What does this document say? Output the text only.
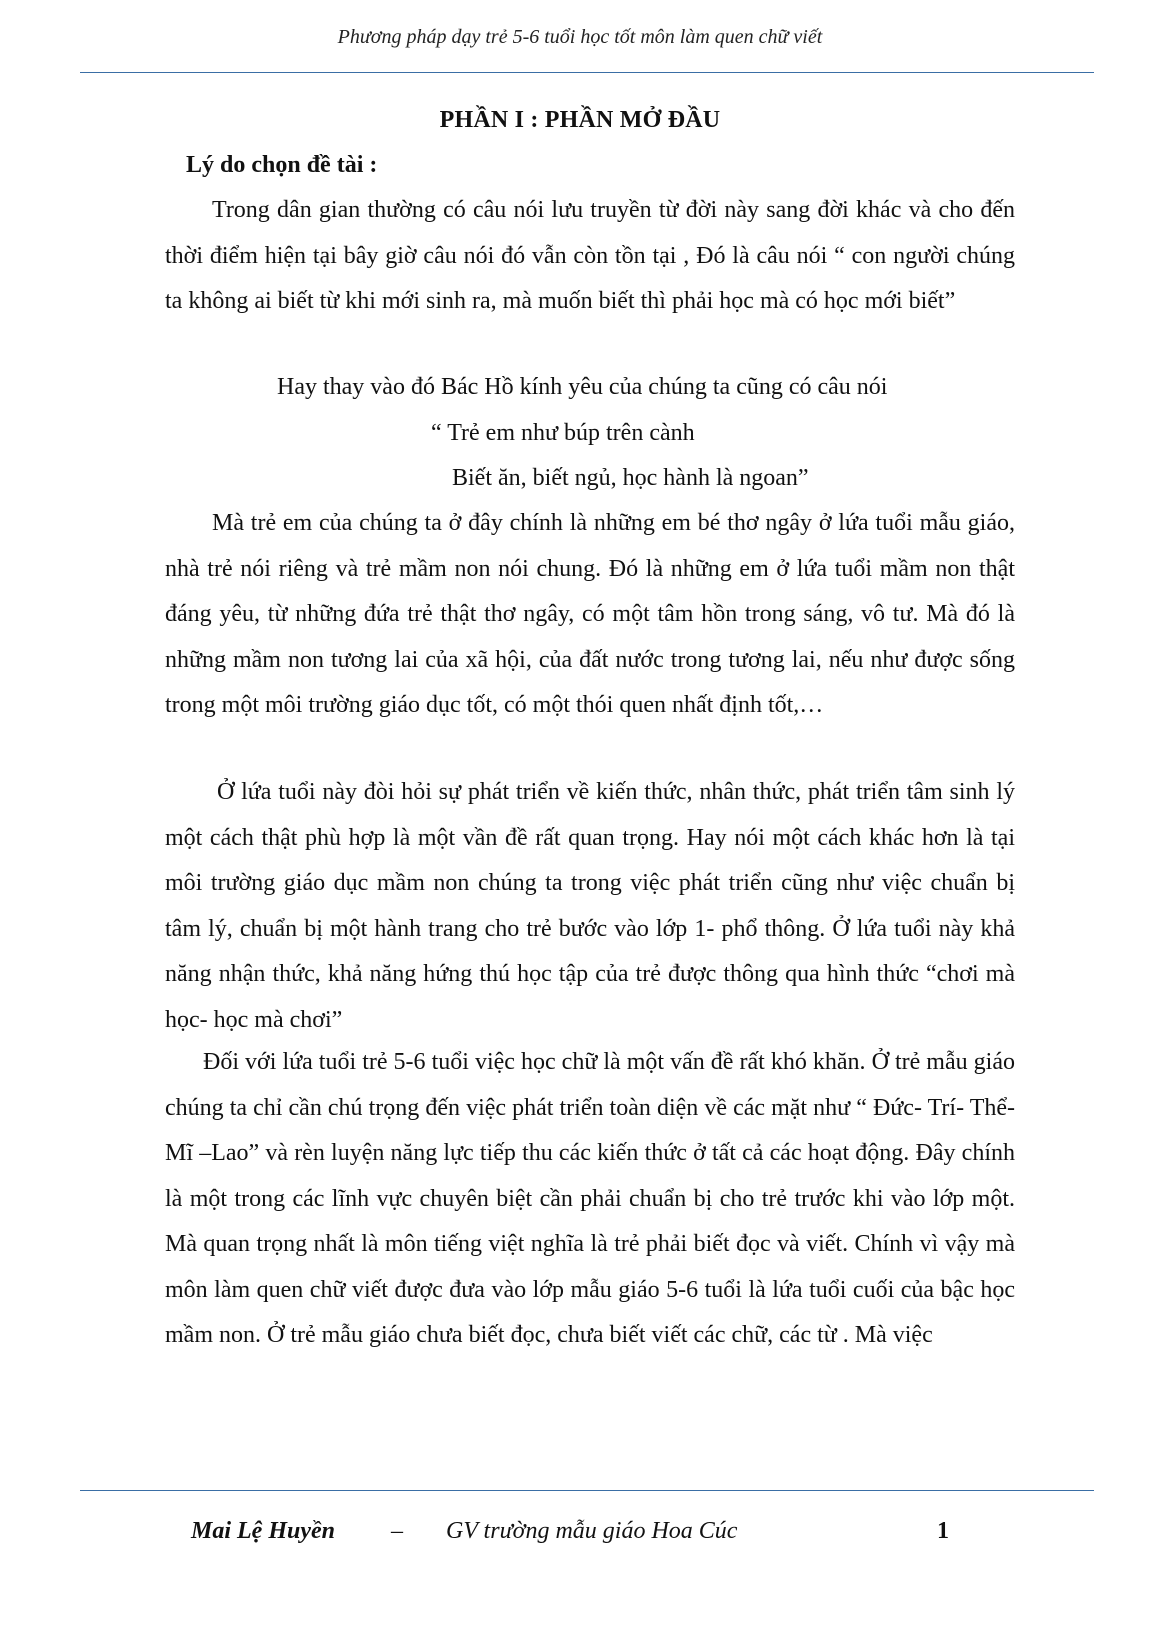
Phương pháp dạy trẻ 5-6 tuổi học tốt môn làm quen chữ viết
PHẦN I : PHẦN MỞ ĐẦU
Lý do chọn đề tài :

Trong dân gian thường có câu nói lưu truyền từ đời này sang đời khác và cho đến thời điểm hiện tại bây giờ câu nói đó vẫn còn tồn tại , Đó là câu nói “ con người chúng ta không ai biết từ khi mới sinh ra, mà muốn biết thì phải học mà có học mới biết”

Hay thay vào đó Bác Hồ kính yêu của chúng ta cũng có câu nói

“ Trẻ em như búp trên cành

Biết ăn, biết ngủ, học hành là ngoan”

Mà trẻ em của chúng ta ở đây chính là những em bé thơ ngây ở lứa tuổi mẫu giáo, nhà trẻ nói riêng và trẻ mầm non nói chung. Đó là những em ở lứa tuổi mầm non thật đáng yêu, từ những đứa trẻ thật thơ ngây, có một tâm hồn trong sáng, vô tư. Mà đó là những mầm non tương lai của xã hội, của đất nước trong tương lai, nếu như được sống trong một môi trường giáo dục tốt, có một thói quen nhất định tốt,…

Ở lứa tuổi này đòi hỏi sự phát triển về kiến thức, nhân thức, phát triển tâm sinh lý một cách thật phù hợp là một vần đề rất quan trọng. Hay nói một cách khác hơn là tại môi trường giáo dục mầm non chúng ta trong việc phát triển cũng như việc chuẩn bị tâm lý, chuẩn bị một hành trang cho trẻ bước vào lớp 1- phổ thông. Ở lứa tuổi này khả năng nhận thức, khả năng hứng thú học tập của trẻ được thông qua hình thức “chơi mà học- học mà chơi”

Đối với lứa tuổi trẻ 5-6 tuổi việc học chữ là một vấn đề rất khó khăn. Ở trẻ mẫu giáo chúng ta chỉ cần chú trọng đến việc phát triển toàn diện về các mặt như “ Đức- Trí- Thể- Mĩ –Lao” và rèn luyện năng lực tiếp thu các kiến thức ở tất cả các hoạt động. Đây chính là một trong các lĩnh vực chuyên biệt cần phải chuẩn bị cho trẻ trước khi vào lớp một. Mà quan trọng nhất là môn tiếng việt nghĩa là trẻ phải biết đọc và viết. Chính vì vậy mà môn làm quen chữ viết được đưa vào lớp mẫu giáo 5-6 tuổi là lứa tuổi cuối của bậc học mầm non. Ở trẻ mẫu giáo chưa biết đọc, chưa biết viết các chữ, các từ . Mà việc

Mai Lệ Huyền – GV trường mẫu giáo Hoa Cúc	1
